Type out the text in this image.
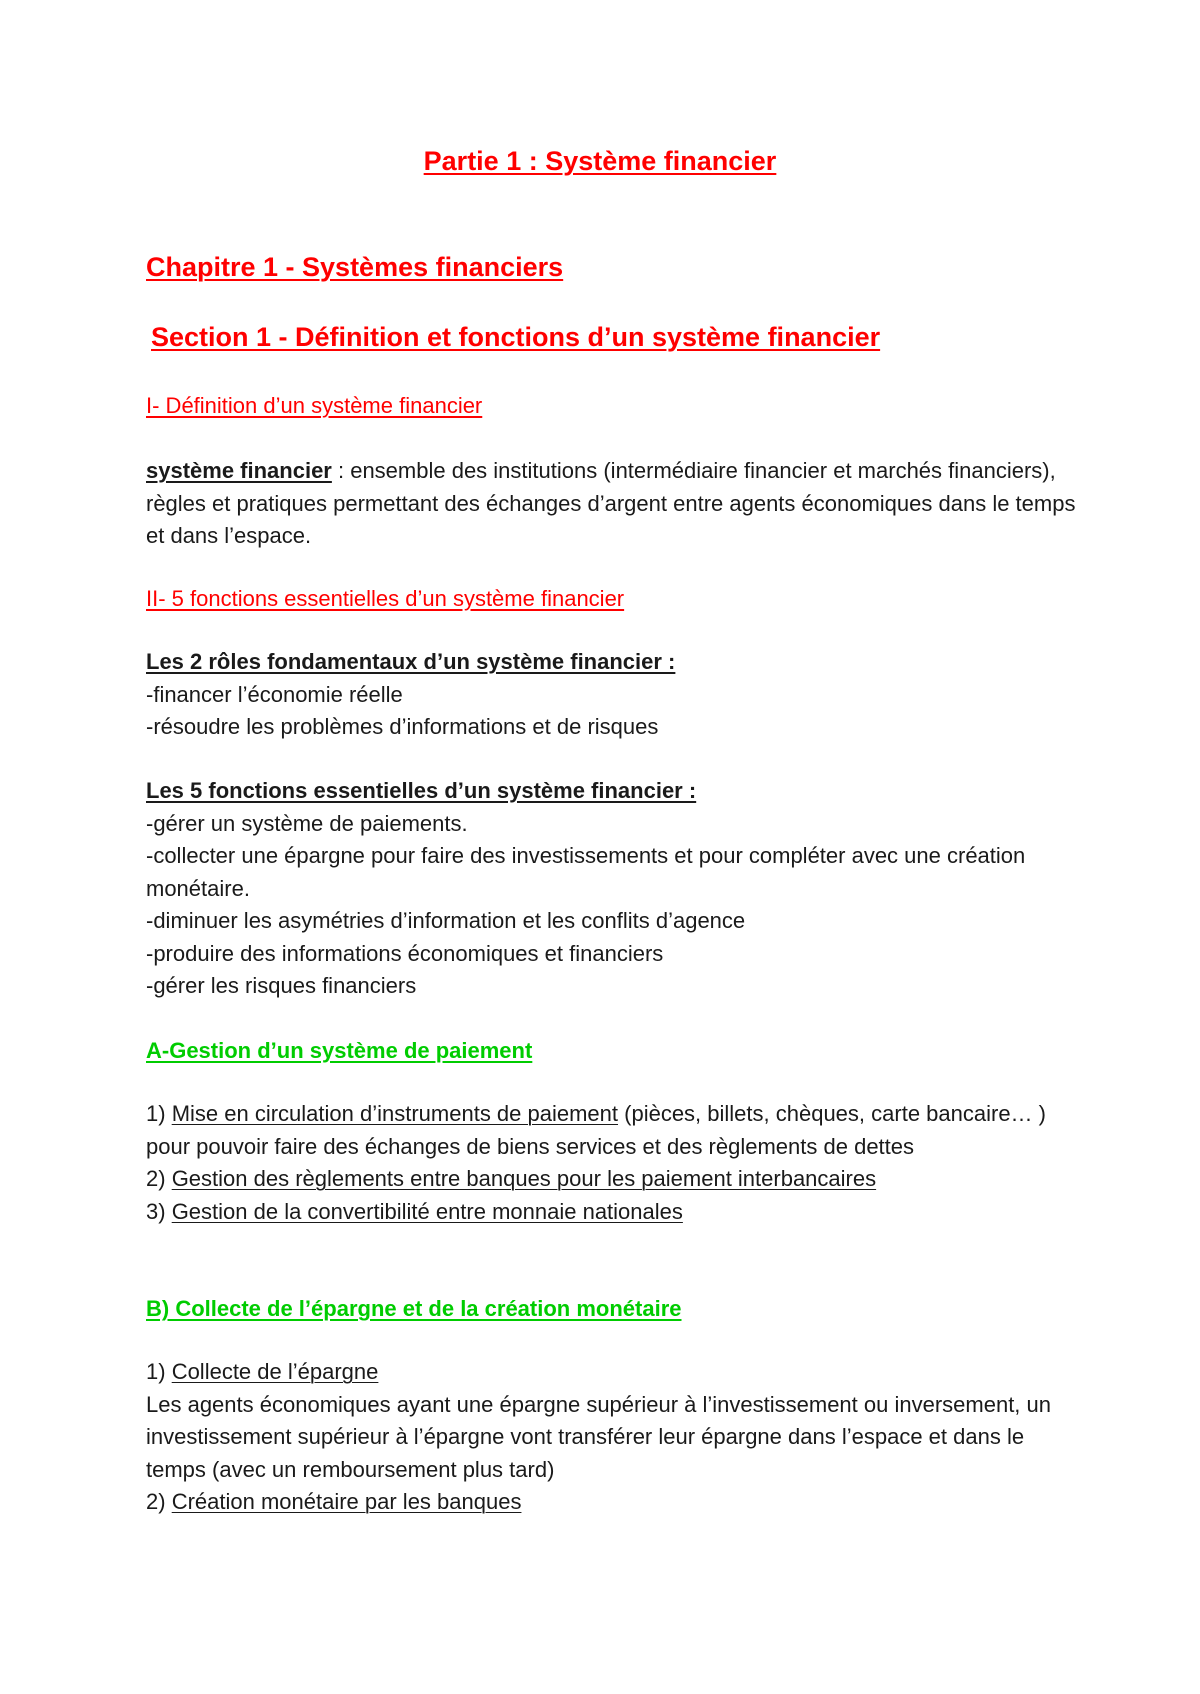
Partie 1 : Système financier
Chapitre 1 - Systèmes financiers
Section 1 - Définition et fonctions d’un système financier
I- Définition d’un système financier

système financier : ensemble des institutions (intermédiaire financier et marchés financiers), règles et pratiques permettant des échanges d’argent entre agents économiques dans le temps et dans l’espace.

II- 5 fonctions essentielles d’un système financier
Les 2 rôles fondamentaux d’un système financier :
-financer l’économie réelle
-résoudre les problèmes d’informations et de risques
Les 5 fonctions essentielles d’un système financier :
-gérer un système de paiements.
-collecter une épargne pour faire des investissements et pour compléter avec une création monétaire.
-diminuer les asymétries d’information et les conflits d’agence
-produire des informations économiques et financiers
-gérer les risques financiers
A-Gestion d’un système de paiement
1) Mise en circulation d’instruments de paiement (pièces, billets, chèques, carte bancaire… ) pour pouvoir faire des échanges de biens services et des règlements de dettes
2) Gestion des règlements entre banques pour les paiement interbancaires
3) Gestion de la convertibilité entre monnaie nationales
B) Collecte de l’épargne et de la création monétaire
1) Collecte de l’épargne
Les agents économiques ayant une épargne supérieur à l’investissement ou inversement, un investissement supérieur à l’épargne vont transférer leur épargne dans l’espace et dans le temps (avec un remboursement plus tard)
2) Création monétaire par les banques
